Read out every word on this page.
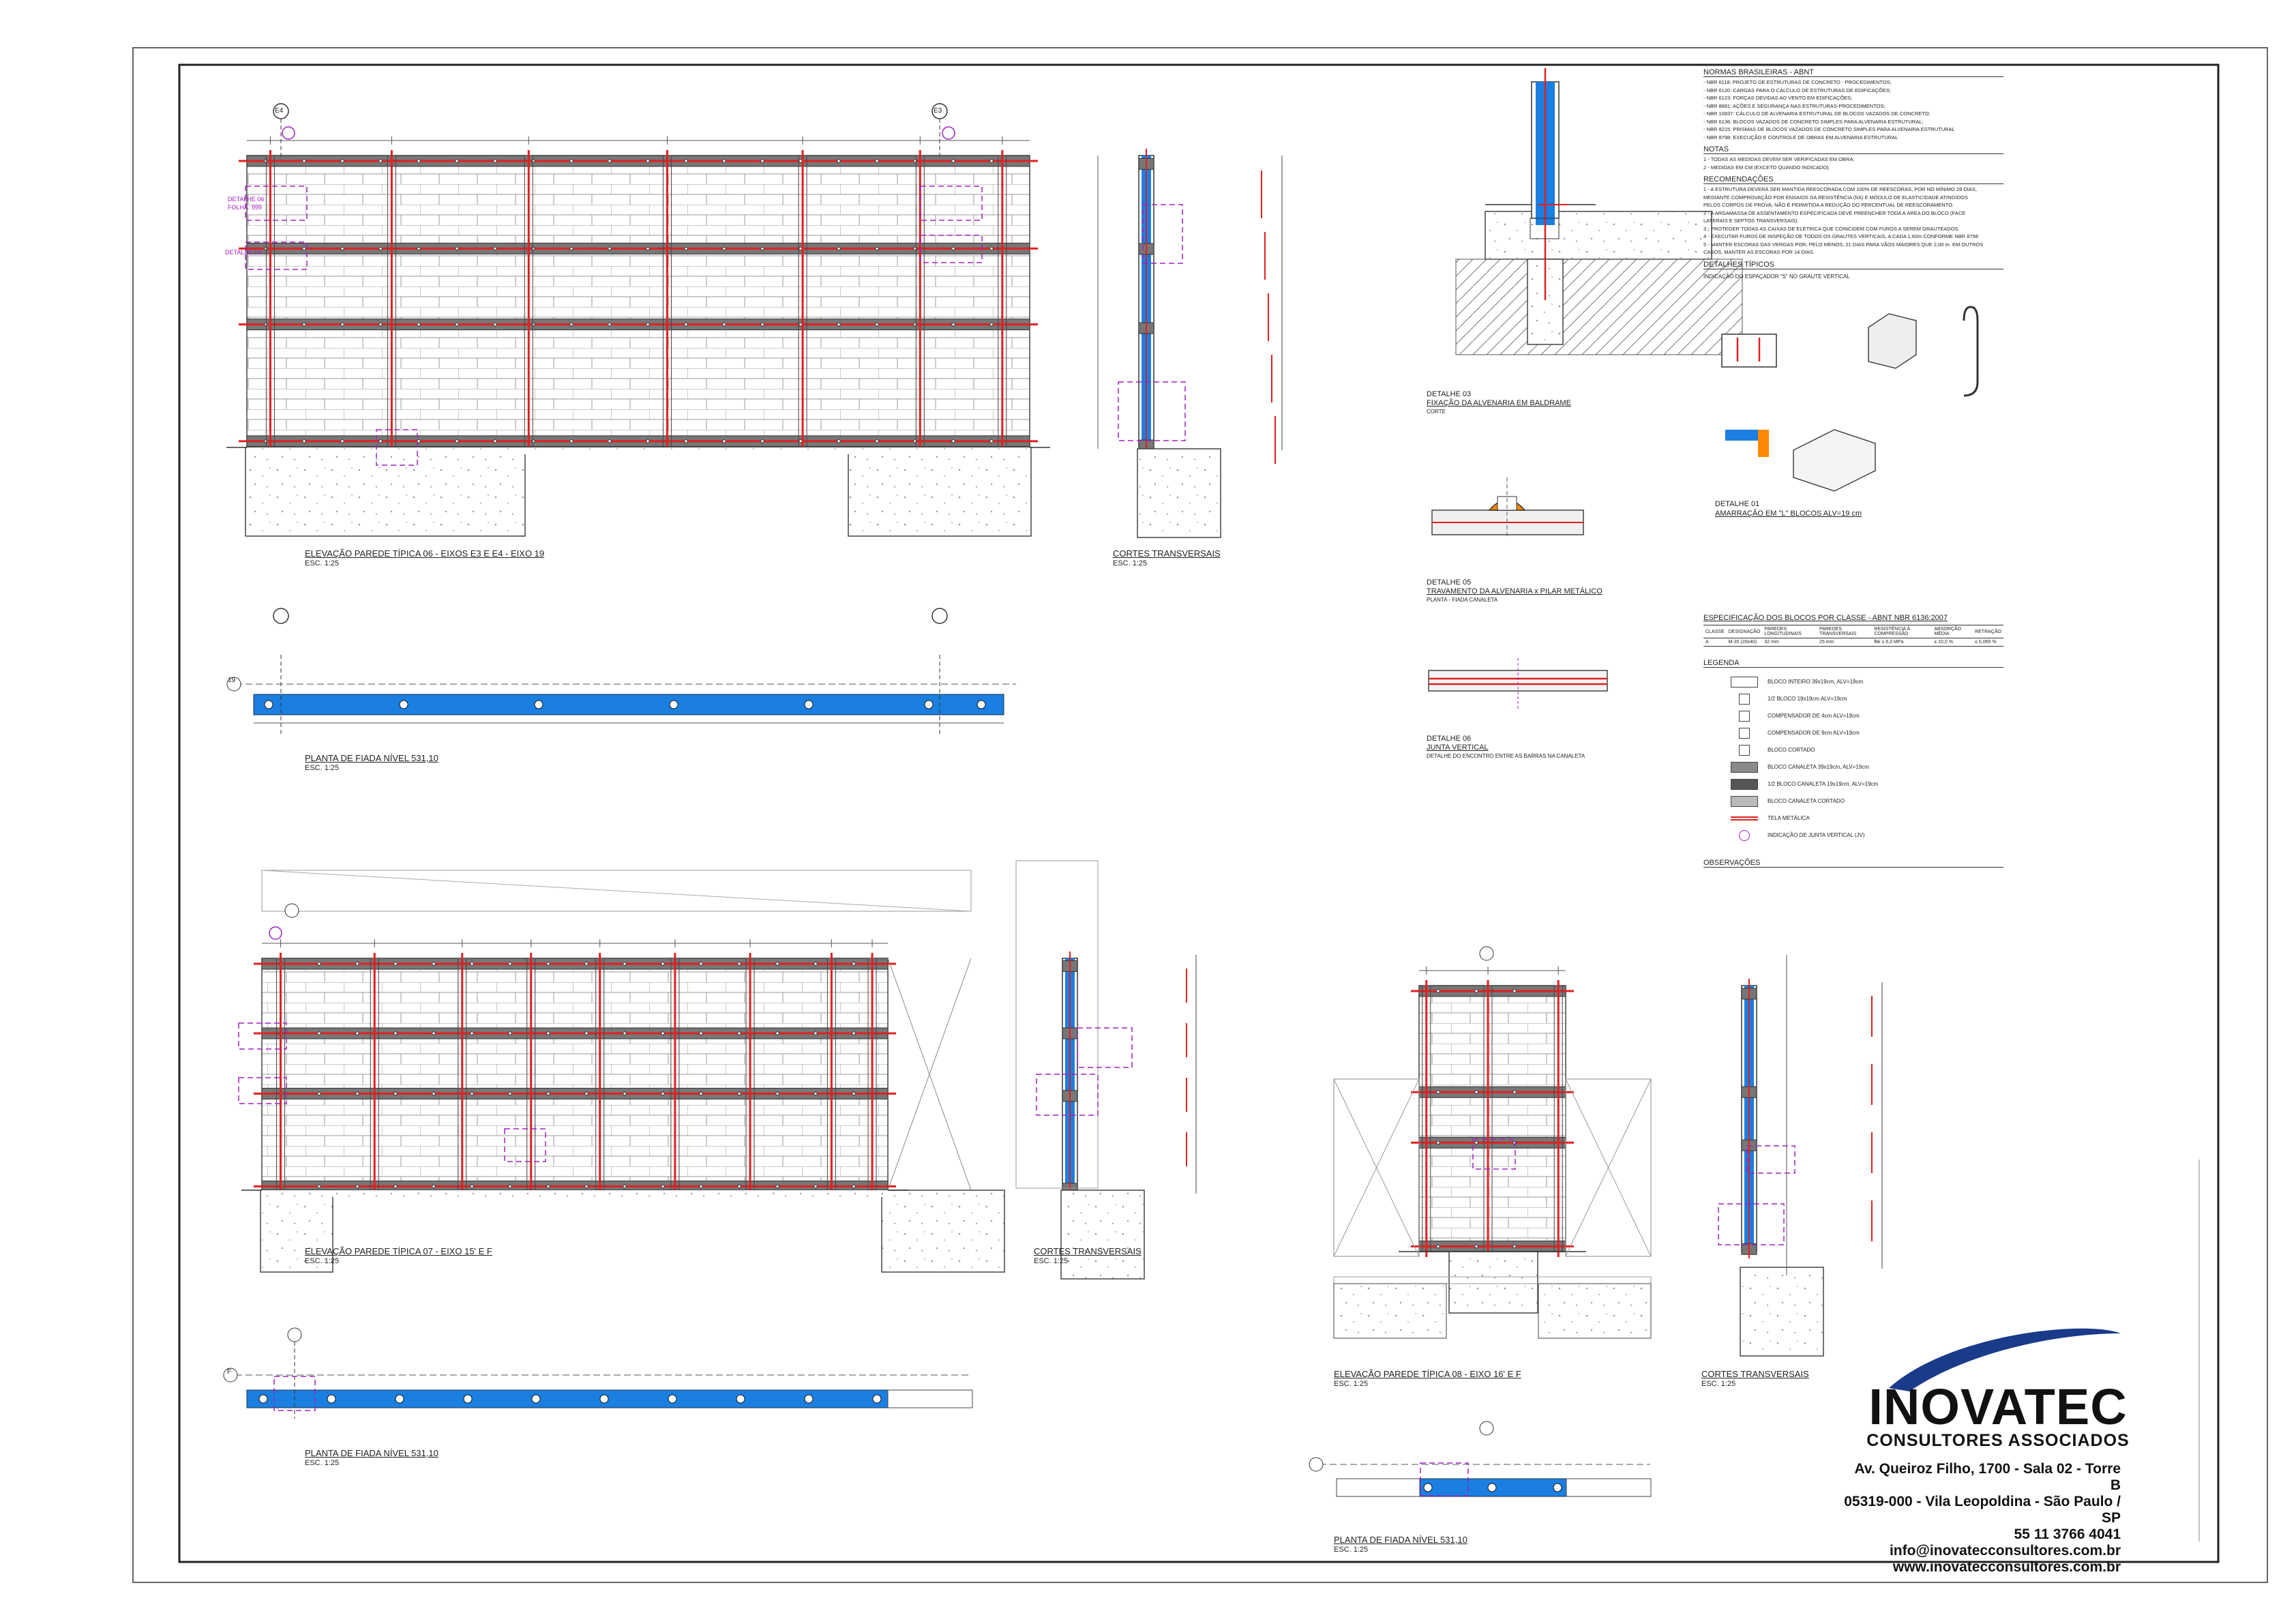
ELEVAÇÃO PAREDE TÍPICA 06 - EIXOS E3 E E4 - EIXO 19
ESC. 1:25
E4	E3
DETALHE 06
DETALHE 03
FOLHA: 999
CORTES TRANSVERSAIS
ESC. 1:25
PLANTA DE FIADA NÍVEL 531,10
ESC. 1:25
19
ELEVAÇÃO PAREDE TÍPICA 07 - EIXO 15' E F
ESC. 1:25
CORTES TRANSVERSAIS
ESC. 1:25
PLANTA DE FIADA NÍVEL 531,10
ESC. 1:25
F	ELEVAÇÃO PAREDE TÍPICA 08 - EIXO 16' E F
ESC. 1:25
CORTES TRANSVERSAIS
ESC. 1:25
PLANTA DE FIADA NÍVEL 531,10
ESC. 1:25
DETALHE 03
FIXAÇÃO DA ALVENARIA EM BALDRAME
CORTE
DETALHE 05
TRAVAMENTO DA ALVENARIA x PILAR METÁLICO
PLANTA - FIADA CANALETA
DETALHE 06
JUNTA VERTICAL
DETALHE DO ENCONTRO ENTRE AS BARRAS NA CANALETA
DETALHE 01
AMARRAÇÃO EM "L" BLOCOS ALV=19 cm
NORMAS BRASILEIRAS - ABNT
- NBR 6118: PROJETO DE ESTRUTURAS DE CONCRETO - PROCEDIMENTOS;
- NBR 6120: CARGAS PARA O CÁLCULO DE ESTRUTURAS DE EDIFICAÇÕES;
- NBR 6123: FORÇAS DEVIDAS AO VENTO EM EDIFICAÇÕES;
- NBR 8681: AÇÕES E SEGURANÇA NAS ESTRUTURAS-PROCEDIMENTOS;
- NBR 10837: CÁLCULO DE ALVENARIA ESTRUTURAL DE BLOCOS VAZADOS DE CONCRETO;
- NBR 6136: BLOCOS VAZADOS DE CONCRETO SIMPLES PARA ALVENARIA ESTRUTURAL;
- NBR 8215: PRISMAS DE BLOCOS VAZADOS DE CONCRETO SIMPLES PARA ALVENARIA ESTRUTURAL
- NBR 8798: EXECUÇÃO E CONTROLE DE OBRAS EM ALVENARIA ESTRUTURAL
NOTAS
1 - TODAS AS MEDIDAS DEVEM SER VERIFICADAS EM OBRA;
2 - MEDIDAS EM CM (EXCETO QUANDO INDICADO).
RECOMENDAÇÕES
1 - A ESTRUTURA DEVERÁ SER MANTIDA REESCORADA COM 100% DE REESCORAS, POR NO MÍNIMO 28 DIAS,
MEDIANTE COMPROVAÇÃO POR ENSAIOS DA RESISTÊNCIA (fck) E MÓDULO DE ELASTICIDADE ATINGIDOS
PELOS CORPOS DE PROVA; NÃO É PERMITIDA A REDUÇÃO DO PERCENTUAL DE REESCORAMENTO.
2 - A ARGAMASSA DE ASSENTAMENTO ESPECIFICADA DEVE PREENCHER TODA A ÁREA DO BLOCO (FACE
LATERAIS E SEPTOS TRANSVERSAIS).
3 - PROTEGER TODAS AS CAIXAS DE ELÉTRICA QUE COINCIDEM COM FUROS A SEREM GRAUTEADOS.
4 - EXECUTAR FUROS DE INSPEÇÃO DE TODOS OS GRAUTES VERTICAIS, A CADA 1,60m CONFORME NBR 8798
5 - MANTER ESCORAS DAS VERGAS POR, PELO MENOS, 21 DIAS PARA VÃOS MAIORES QUE 2,00 m. EM OUTROS
CASOS, MANTER AS ESCORAS POR 14 DIAS.
DETALHES TÍPICOS
INDICAÇÃO DO ESPAÇADOR "S" NO GRAUTE VERTICAL
ESPECIFICAÇÃO DOS BLOCOS POR CLASSE - ABNT NBR 6136:2007
CLASSE	DESIGNAÇÃO	PAREDES LONGITUDINAIS	PAREDES TRANSVERSAIS	RESISTÊNCIA À COMPRESSÃO	ABSORÇÃO MÉDIA	RETRAÇÃO
A	M-20 (20x40)	32 mm	25 mm	fbk ≥ 6,0 MPa	≤ 10,0 %	≤ 0,065 %
LEGENDA
BLOCO INTEIRO 39x19cm, ALV=19cm
1/2 BLOCO 19x19cm ALV=19cm
COMPENSADOR DE 4cm ALV=19cm
COMPENSADOR DE 9cm ALV=19cm
BLOCO CORTADO
BLOCO CANALETA 39x19cm, ALV=19cm
1/2 BLOCO CANALETA 19x19cm, ALV=19cm
BLOCO CANALETA CORTADO
TELA METÁLICA
INDICAÇÃO DE JUNTA VERTICAL (JV)
OBSERVAÇÕES
INOVATEC
CONSULTORES ASSOCIADOS
Av. Queiroz Filho, 1700 - Sala 02 - Torre B
05319-000 - Vila Leopoldina - São Paulo / SP
55 11 3766 4041
info@inovatecconsultores.com.br
www.inovatecconsultores.com.br
